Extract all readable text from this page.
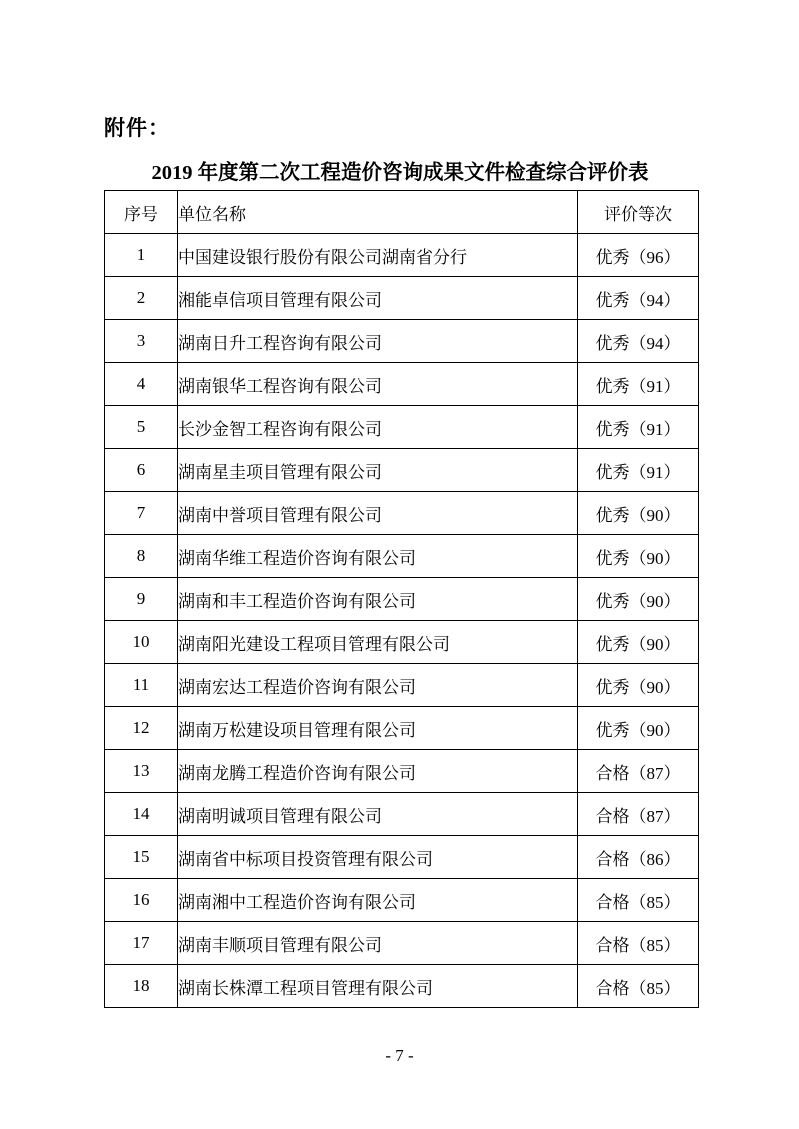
附件：
2019 年度第二次工程造价咨询成果文件检查综合评价表
序号	单位名称	评价等次
1	中国建设银行股份有限公司湖南省分行	优秀（96）
2	湘能卓信项目管理有限公司	优秀（94）
3	湖南日升工程咨询有限公司	优秀（94）
4	湖南银华工程咨询有限公司	优秀（91）
5	长沙金智工程咨询有限公司	优秀（91）
6	湖南星圭项目管理有限公司	优秀（91）
7	湖南中誉项目管理有限公司	优秀（90）
8	湖南华维工程造价咨询有限公司	优秀（90）
9	湖南和丰工程造价咨询有限公司	优秀（90）
10	湖南阳光建设工程项目管理有限公司	优秀（90）
11	湖南宏达工程造价咨询有限公司	优秀（90）
12	湖南万松建设项目管理有限公司	优秀（90）
13	湖南龙腾工程造价咨询有限公司	合格（87）
14	湖南明诚项目管理有限公司	合格（87）
15	湖南省中标项目投资管理有限公司	合格（86）
16	湖南湘中工程造价咨询有限公司	合格（85）
17	湖南丰顺项目管理有限公司	合格（85）
18	湖南长株潭工程项目管理有限公司	合格（85）
- 7 -
